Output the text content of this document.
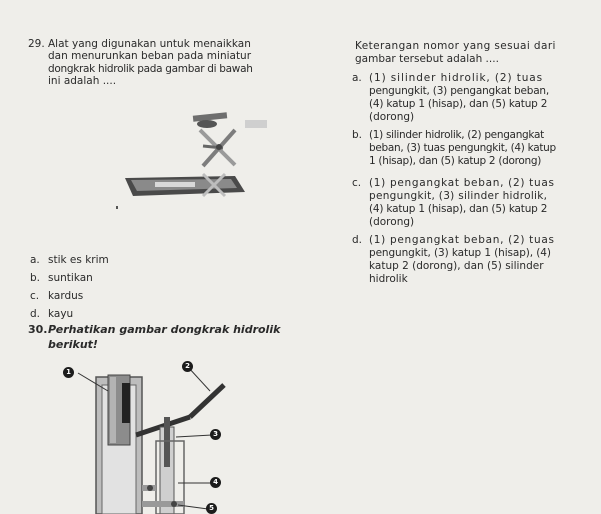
29. Alat yang digunakan untuk menaikkan
dan menurunkan beban pada miniatur
dongkrak hidrolik pada gambar di bawah
ini adalah ....
a. stik es krim
b. suntikan
c. kardus
d. kayu
Keterangan nomor yang sesuai dari
gambar tersebut adalah ....
a. (1) silinder hidrolik, (2) tuas
pengungkit, (3) pengangkat beban,
(4) katup 1 (hisap), dan (5) katup 2
(dorong)
b. (1) silinder hidrolik, (2) pengangkat
beban, (3) tuas pengungkit, (4) katup
1 (hisap), dan (5) katup 2 (dorong)
c. (1) pengangkat beban, (2) tuas
pengungkit, (3) silinder hidrolik,
(4) katup 1 (hisap), dan (5) katup 2
(dorong)
d. (1) pengangkat beban, (2) tuas
pengungkit, (3) katup 1 (hisap), (4)
katup 2 (dorong), dan (5) silinder
hidrolik
30. Perhatikan gambar dongkrak hidrolik
berikut!
1
2
3
4
5
